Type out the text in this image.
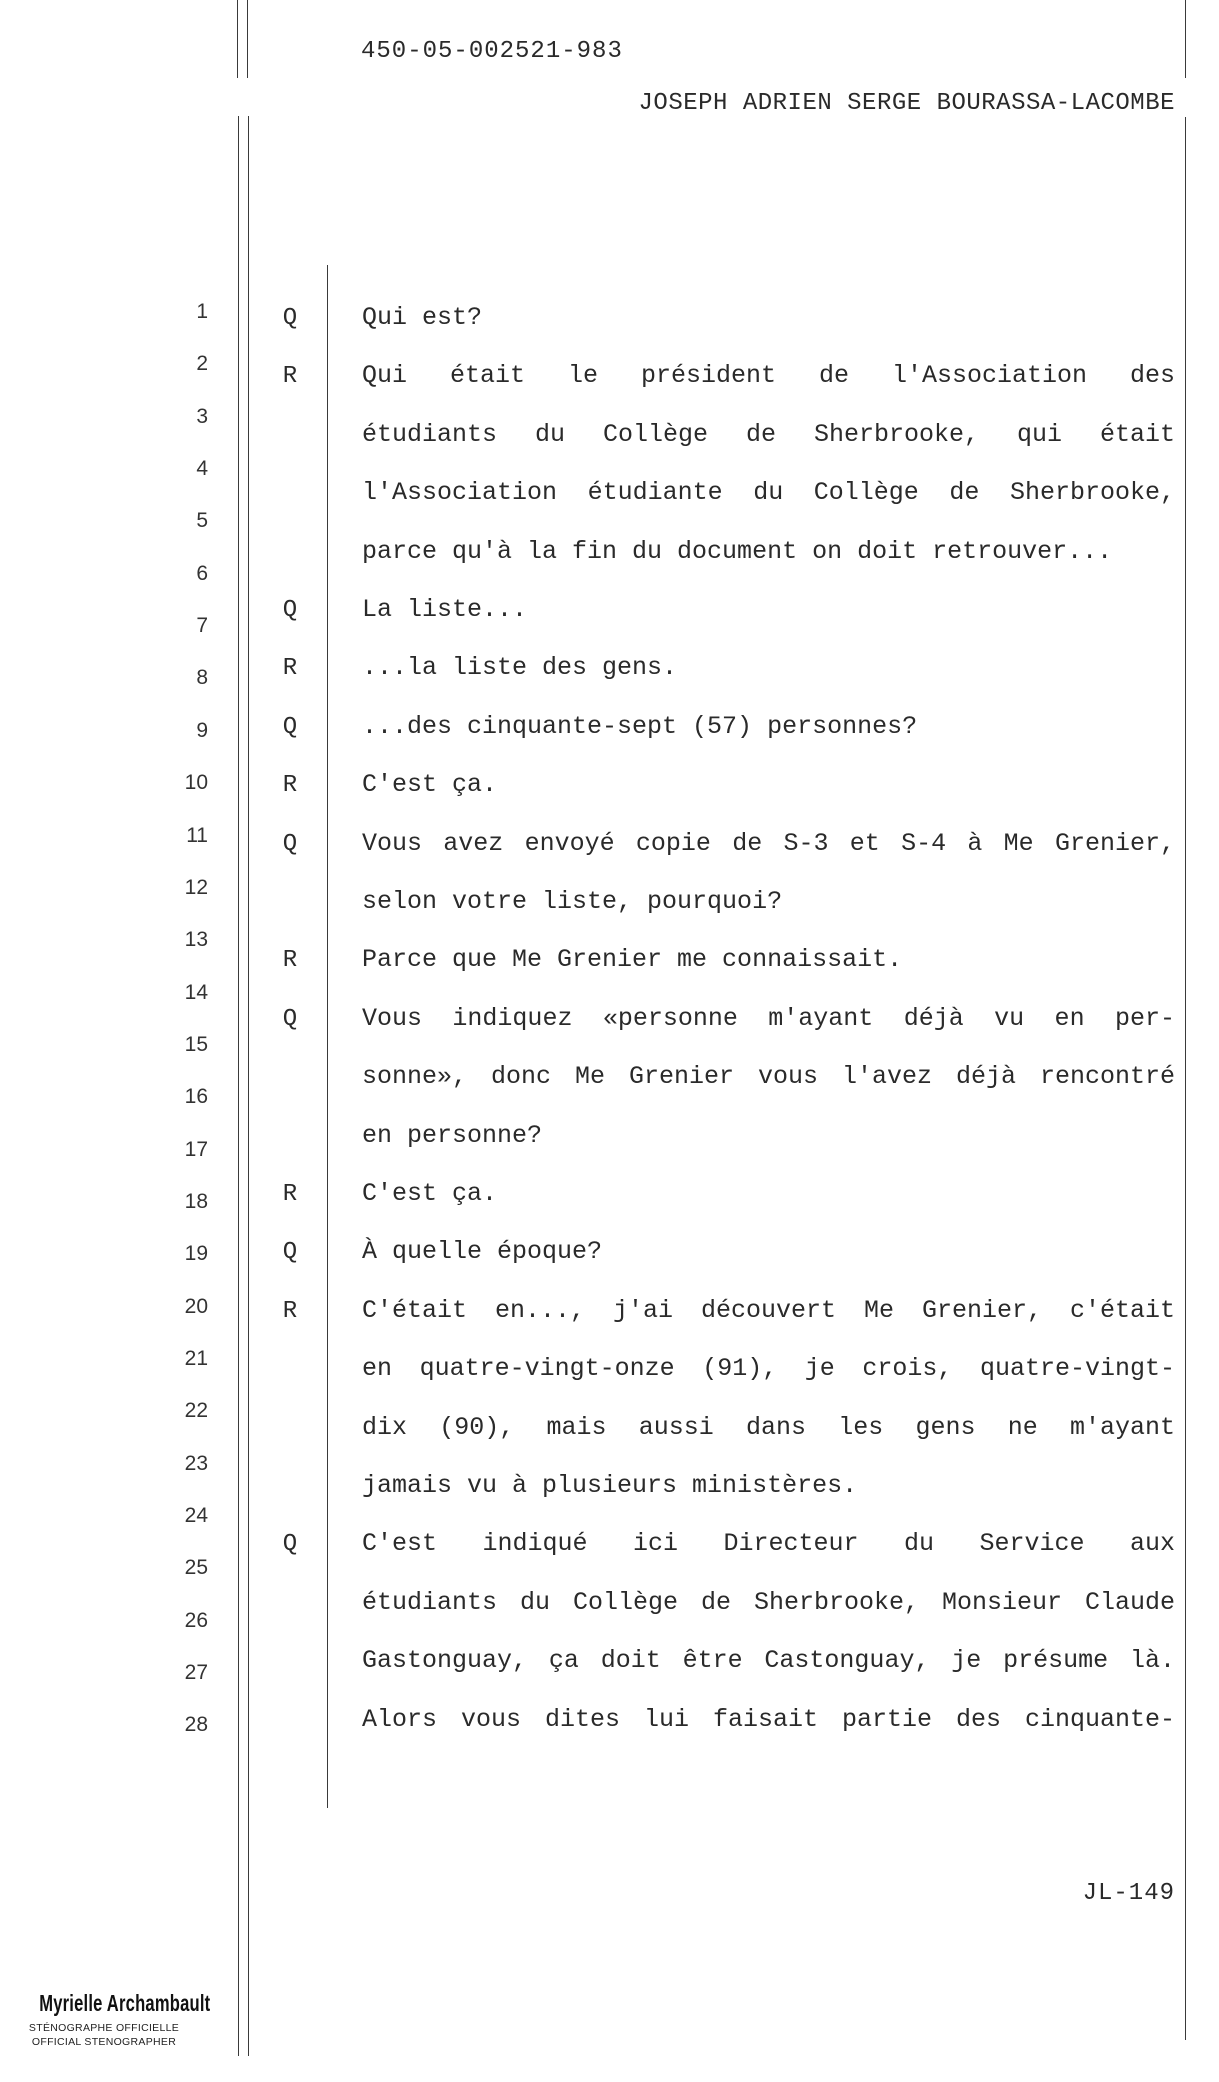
450-05-002521-983
JOSEPH ADRIEN SERGE BOURASSA-LACOMBE
1
2
3
4
5
6
7
8
9
10
11
12
13
14
15
16
17
18
19
20
21
22
23
24
25
26
27
28
Q	Qui est?
R	Qui était le président de l'Association des
étudiants du Collège de Sherbrooke, qui était
l'Association étudiante du Collège de Sherbrooke,
parce qu'à la fin du document on doit retrouver...
Q	La liste...
R	...la liste des gens.
Q	...des cinquante-sept (57) personnes?
R	C'est ça.
Q	Vous avez envoyé copie de S-3 et S-4 à Me Grenier,
selon votre liste, pourquoi?
R	Parce que Me Grenier me connaissait.
Q	Vous indiquez «personne m'ayant déjà vu en per-
sonne», donc Me Grenier vous l'avez déjà rencontré
en personne?
R	C'est ça.
Q	À quelle époque?
R	C'était en..., j'ai découvert Me Grenier, c'était
en quatre-vingt-onze (91), je crois, quatre-vingt-
dix (90), mais aussi dans les gens ne m'ayant
jamais vu à plusieurs ministères.
Q	C'est indiqué ici Directeur du Service aux
étudiants du Collège de Sherbrooke, Monsieur Claude
Gastonguay, ça doit être Castonguay, je présume là.
Alors vous dites lui faisait partie des cinquante-
JL-149
Myrielle Archambault
STÉNOGRAPHE OFFICIELLE
OFFICIAL STENOGRAPHER
